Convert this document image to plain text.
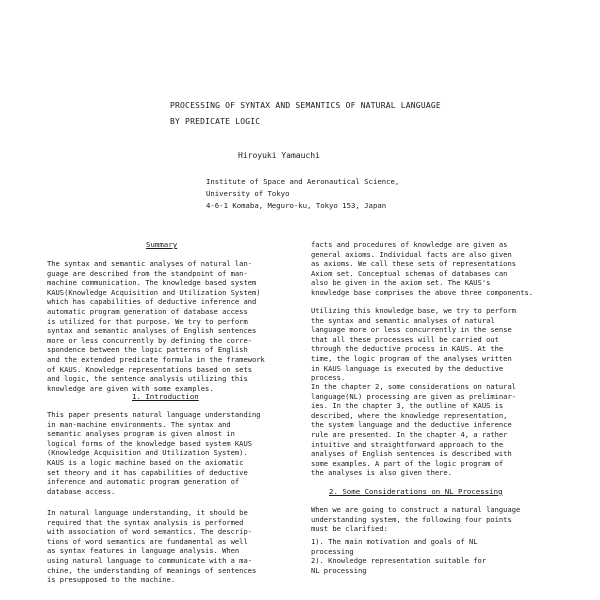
PROCESSING OF SYNTAX AND SEMANTICS OF NATURAL LANGUAGE
BY PREDICATE LOGIC
Hiroyuki Yamauchi
Institute of Space and Aeronautical Science,
University of Tokyo
4-6-1 Komaba, Meguro-ku, Tokyo 153, Japan
Summary

The syntax and semantic analyses of natural lan-
guage are described from the standpoint of man-
machine communication. The knowledge based system
KAUS(Knowledge Acquisition and Utilization System)
which has capabilities of deductive inference and
automatic program generation of database access
is utilized for that purpose. We try to perform
syntax and semantic analyses of English sentences
more or less concurrently by defining the corre-
spondence between the logic patterns of English
and the extended predicate formula in the framework
of KAUS. Knowledge representations based on sets
and logic, the sentence analysis utilizing this
knowledge are given with some examples.

1. Introduction

This paper presents natural language understanding
in man-machine environments. The syntax and
semantic analyses program is given almost in
logical forms of the knowledge based system KAUS
(Knowledge Acquisition and Utilization System).
KAUS is a logic machine based on the axiomatic
set theory and it has capabilities of deductive
inference and automatic program generation of
database access.

In natural language understanding, it should be
required that the syntax analysis is performed
with association of word semantics. The descrip-
tions of word semantics are fundamental as well
as syntax features in language analysis. When
using natural language to communicate with a ma-
chine, the understanding of meanings of sentences
is presupposed to the machine.

facts and procedures of knowledge are given as
general axioms. Individual facts are also given
as axioms. We call these sets of representations
Axiom set. Conceptual schemas of databases can
also be given in the axiom set. The KAUS's
knowledge base comprises the above three components.

Utilizing this knowledge base, we try to perform
the syntax and semantic analyses of natural
language more or less concurrently in the sense
that all these processes will be carried out
through the deductive process in KAUS. At the
time, the logic program of the analyses written
in KAUS language is executed by the deductive
process.

In the chapter 2, some considerations on natural
language(NL) processing are given as preliminar-
ies. In the chapter 3, the outline of KAUS is
described, where the knowledge representation,
the system language and the deductive inference
rule are presented. In the chapter 4, a rather
intuitive and straightforward approach to the
analyses of English sentences is described with
some examples. A part of the logic program of
the analyses is also given there.

2. Some Considerations on NL Processing

When we are going to construct a natural language
understanding system, the following four points
must be clarified:

1). The main motivation and goals of NL
processing
2). Knowledge representation suitable for
NL processing
